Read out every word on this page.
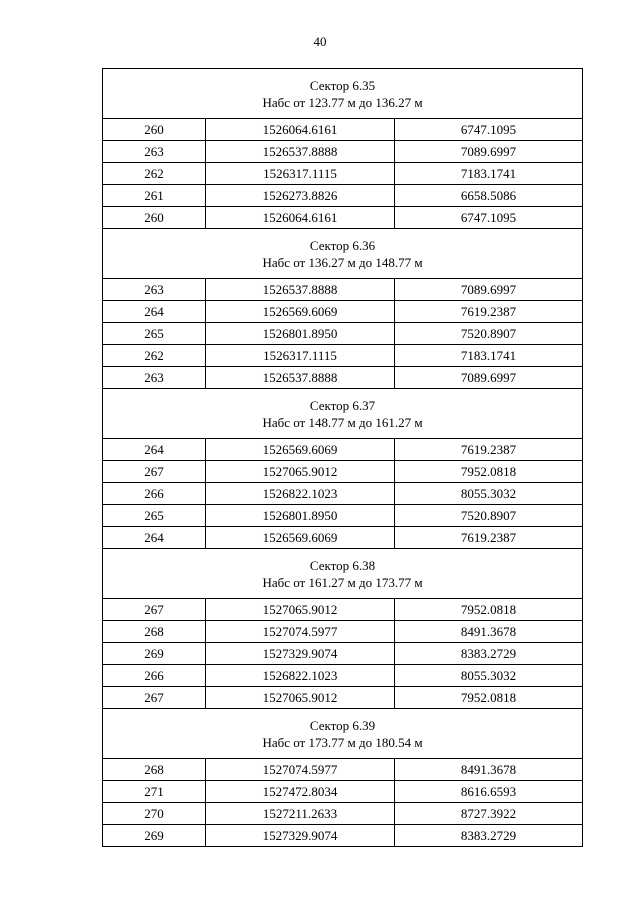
40
Сектор 6.35
Набс от 123.77 м до 136.27 м		

260	1526064.6161	6747.1095
263	1526537.8888	7089.6997
262	1526317.1115	7183.1741
261	1526273.8826	6658.5086
260	1526064.6161	6747.1095

Сектор 6.36
Набс от 136.27 м до 148.77 м		

263	1526537.8888	7089.6997
264	1526569.6069	7619.2387
265	1526801.8950	7520.8907
262	1526317.1115	7183.1741
263	1526537.8888	7089.6997

Сектор 6.37
Набс от 148.77 м до 161.27 м		

264	1526569.6069	7619.2387
267	1527065.9012	7952.0818
266	1526822.1023	8055.3032
265	1526801.8950	7520.8907
264	1526569.6069	7619.2387

Сектор 6.38
Набс от 161.27 м до 173.77 м		

267	1527065.9012	7952.0818
268	1527074.5977	8491.3678
269	1527329.9074	8383.2729
266	1526822.1023	8055.3032
267	1527065.9012	7952.0818

Сектор 6.39
Набс от 173.77 м до 180.54 м		

268	1527074.5977	8491.3678
271	1527472.8034	8616.6593
270	1527211.2633	8727.3922
269	1527329.9074	8383.2729
